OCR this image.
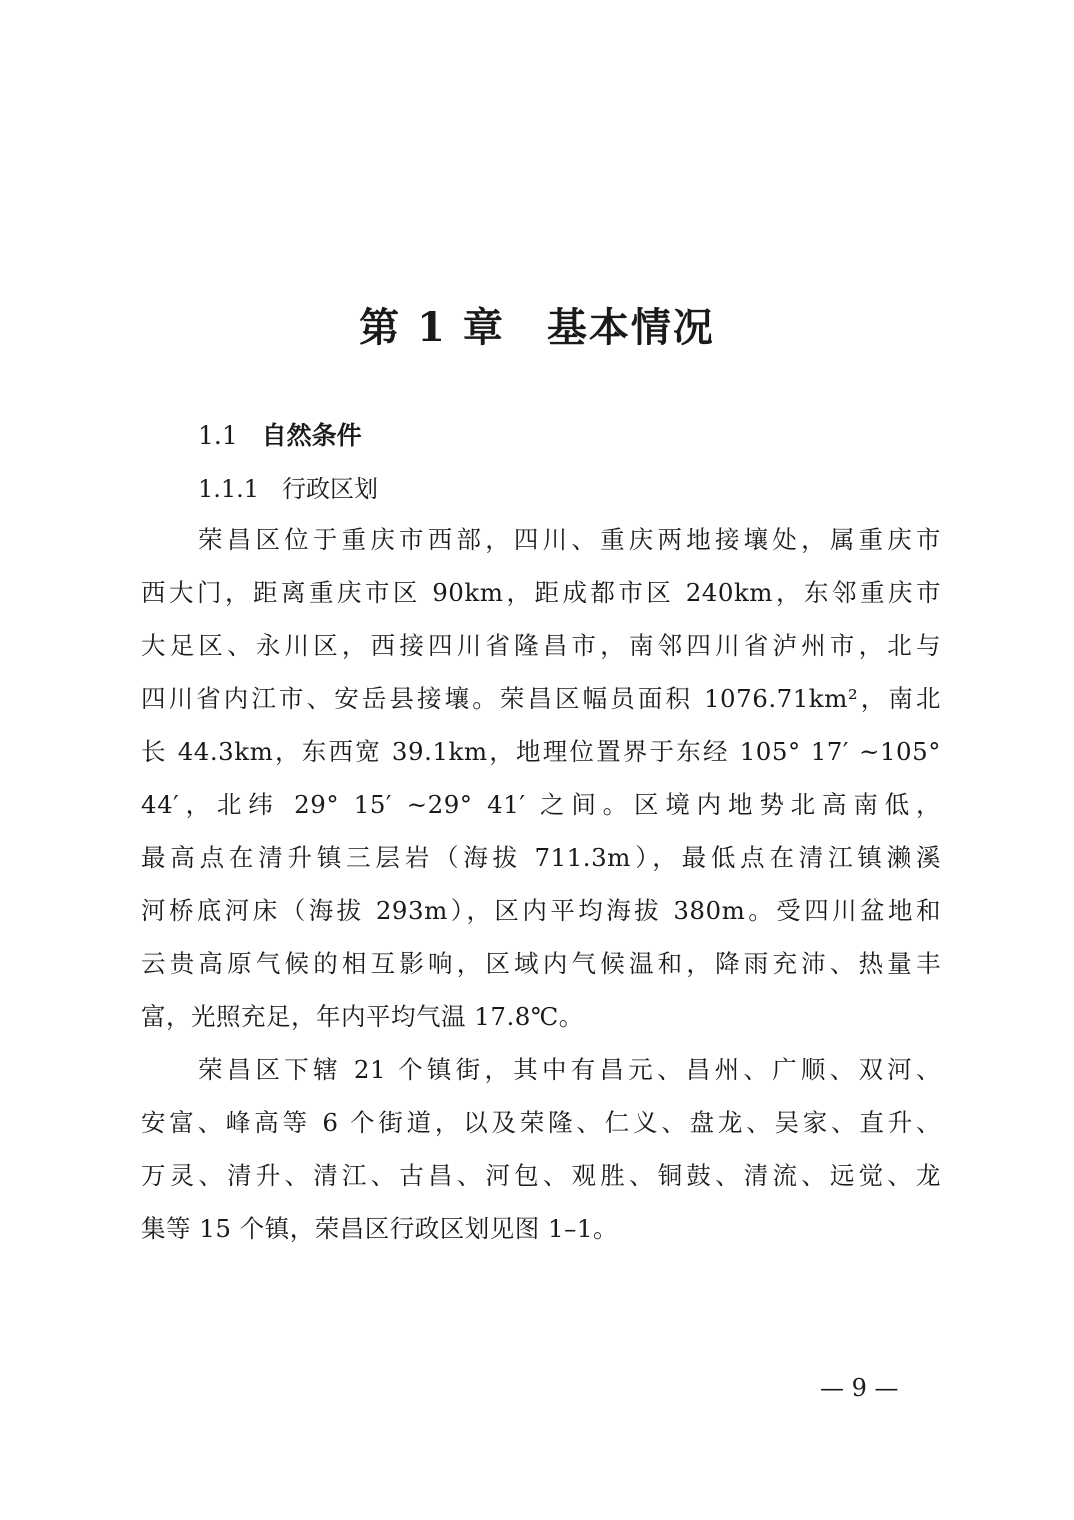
第 1 章　基本情况
1.1 自然条件
1.1.1 行政区划
荣昌区位于重庆市西部，四川、重庆两地接壤处，属重庆市
西大门，距离重庆市区 90km，距成都市区 240km，东邻重庆市
大足区、永川区，西接四川省隆昌市，南邻四川省泸州市，北与
四川省内江市、安岳县接壤。荣昌区幅员面积 1076.71km²，南北
长 44.3km，东西宽 39.1km，地理位置界于东经 105° 17′ ~105°
44′，北纬 29° 15′ ~29° 41′ 之间。区境内地势北高南低，
最高点在清升镇三层岩（海拔 711.3m），最低点在清江镇濑溪
河桥底河床（海拔 293m），区内平均海拔 380m。受四川盆地和
云贵高原气候的相互影响，区域内气候温和，降雨充沛、热量丰
富，光照充足，年内平均气温 17.8℃。
荣昌区下辖 21 个镇街，其中有昌元、昌州、广顺、双河、
安富、峰高等 6 个街道，以及荣隆、仁义、盘龙、吴家、直升、
万灵、清升、清江、古昌、河包、观胜、铜鼓、清流、远觉、龙
集等 15 个镇，荣昌区行政区划见图 1–1。
— 9 —
